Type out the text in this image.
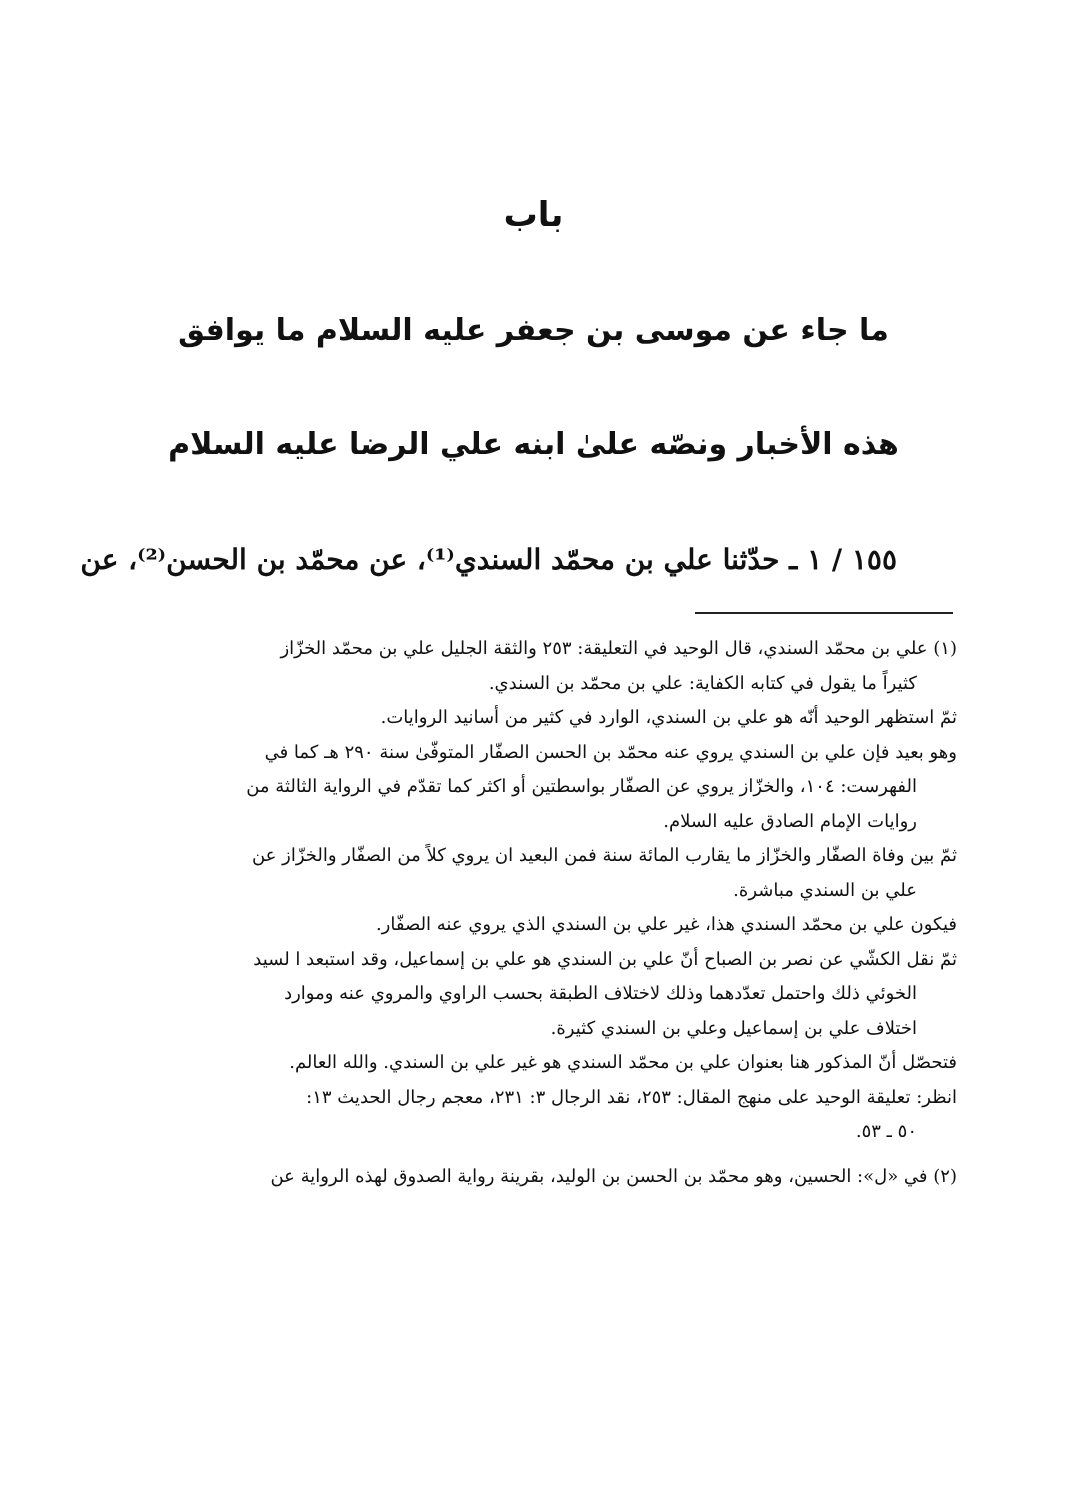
باب
ما جاء عن موسى بن جعفر عليه السلام ما يوافق
هذه الأخبار ونصّه علىٰ ابنه علي الرضا عليه السلام
١٥٥ / ١ ـ حدّثنا علي بن محمّد السندي⁽¹⁾، عن محمّد بن الحسن⁽²⁾، عن

(١) علي بن محمّد السندي، قال الوحيد في التعليقة: ٢٥٣ والثقة الجليل علي بن محمّد الخزّاز

كثيراً ما يقول في كتابه الكفاية: علي بن محمّد بن السندي.

ثمّ استظهر الوحيد أنّه هو علي بن السندي، الوارد في كثير من أسانيد الروايات.

وهو بعيد فإن علي بن السندي يروي عنه محمّد بن الحسن الصفّار المتوفّىٰ سنة ٢٩٠ هـ كما في

الفهرست: ١٠٤، والخزّاز يروي عن الصفّار بواسطتين أو اكثر كما تقدّم في الرواية الثالثة من

روايات الإمام الصادق عليه السلام.

ثمّ بين وفاة الصفّار والخزّاز ما يقارب المائة سنة فمن البعيد ان يروي كلاً من الصفّار والخزّاز عن

علي بن السندي مباشرة.

فيكون علي بن محمّد السندي هذا، غير علي بن السندي الذي يروي عنه الصفّار.

ثمّ نقل الكشّي عن نصر بن الصباح أنّ علي بن السندي هو علي بن إسماعيل، وقد استبعد ا لسيد

الخوئي ذلك واحتمل تعدّدهما وذلك لاختلاف الطبقة بحسب الراوي والمروي عنه وموارد

اختلاف علي بن إسماعيل وعلي بن السندي كثيرة.

فتحصّل أنّ المذكور هنا بعنوان علي بن محمّد السندي هو غير علي بن السندي. والله العالم.

انظر: تعليقة الوحيد على منهج المقال: ٢٥٣، نقد الرجال ٣: ٢٣١، معجم رجال الحديث ١٣:

٥٠ ـ ٥٣.

(٢) في «ل»: الحسين، وهو محمّد بن الحسن بن الوليد، بقرينة رواية الصدوق لهذه الرواية عن
